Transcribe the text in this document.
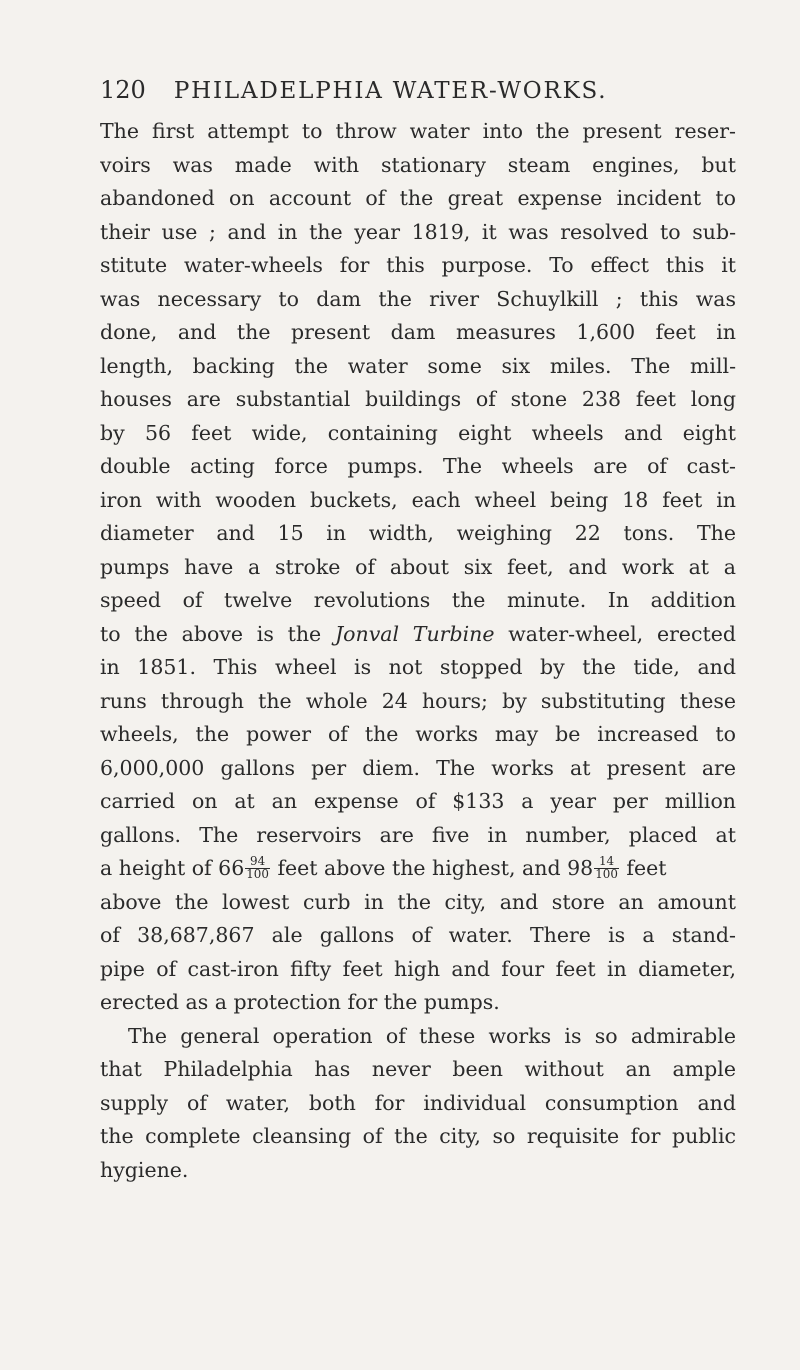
120 PHILADELPHIA WATER-WORKS.
The first attempt to throw water into the present reser-
voirs was made with stationary steam engines, but
abandoned on account of the great expense incident to
their use ; and in the year 1819, it was resolved to sub-
stitute water-wheels for this purpose. To effect this it
was necessary to dam the river Schuylkill ; this was
done, and the present dam measures 1,600 feet in
length, backing the water some six miles. The mill-
houses are substantial buildings of stone 238 feet long
by 56 feet wide, containing eight wheels and eight
double acting force pumps. The wheels are of cast-
iron with wooden buckets, each wheel being 18 feet in
diameter and 15 in width, weighing 22 tons. The
pumps have a stroke of about six feet, and work at a
speed of twelve revolutions the minute. In addition
to the above is the Jonval Turbine water-wheel, erected
in 1851. This wheel is not stopped by the tide, and
runs through the whole 24 hours; by substituting these
wheels, the power of the works may be increased to
6,000,000 gallons per diem. The works at present are
carried on at an expense of $133 a year per million
gallons. The reservoirs are five in number, placed at
a height of $66 \frac{94}{100}$ feet above the highest, and $98 \frac{14}{100}$ feet
above the lowest curb in the city, and store an amount
of 38,687,867 ale gallons of water. There is a stand-
pipe of cast-iron fifty feet high and four feet in diameter,
erected as a protection for the pumps.
The general operation of these works is so admirable
that Philadelphia has never been without an ample
supply of water, both for individual consumption and
the complete cleansing of the city, so requisite for public
hygiene.
